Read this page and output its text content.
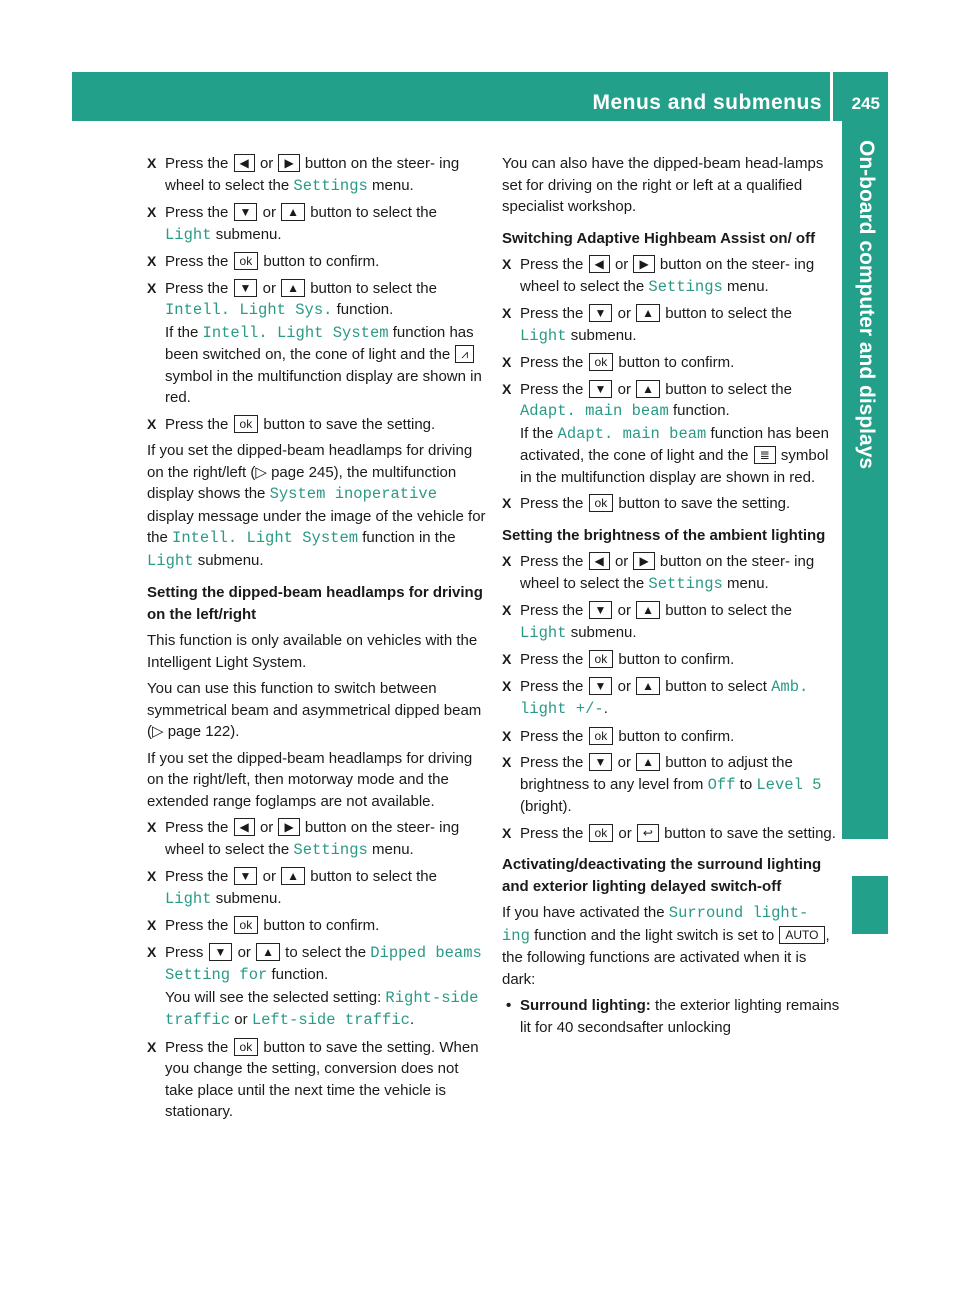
Menus and submenus 245
On-board computer and displays
X Press the ◀ or ▶ button on the steer- ing wheel to select the Settings menu.
X Press the ▼ or ▲ button to select the Light submenu.
X Press the ok button to confirm.
X Press the ▼ or ▲ button to select the Intell. Light Sys. function.
If the Intell. Light System function has been switched on, the cone of light and the ⩘ symbol in the multifunction display are shown in red.
X Press the ok button to save the setting.
If you set the dipped-beam headlamps for driving on the right/left (▷ page 245), the multifunction display shows the System inoperative display message under the image of the vehicle for the Intell. Light System function in the Light submenu.
Setting the dipped-beam headlamps for driving on the left/right
This function is only available on vehicles with the Intelligent Light System.
You can use this function to switch between symmetrical beam and asymmetrical dipped beam (▷ page 122).
If you set the dipped-beam headlamps for driving on the right/left, then motorway mode and the extended range foglamps are not available.
X Press the ◀ or ▶ button on the steer- ing wheel to select the Settings menu.
X Press the ▼ or ▲ button to select the Light submenu.
X Press the ok button to confirm.
X Press ▼ or ▲ to select the Dipped beams Setting for function.
You will see the selected setting: Right-side traffic or Left-side traffic.
X Press the ok button to save the setting. When you change the setting, conversion does not take place until the next time the vehicle is stationary.
You can also have the dipped-beam head-lamps set for driving on the right or left at a qualified specialist workshop.
Switching Adaptive Highbeam Assist on/ off
X Press the ◀ or ▶ button on the steer- ing wheel to select the Settings menu.
X Press the ▼ or ▲ button to select the Light submenu.
X Press the ok button to confirm.
X Press the ▼ or ▲ button to select the Adapt. main beam function.
If the Adapt. main beam function has been activated, the cone of light and the ≣ symbol in the multifunction display are shown in red.
X Press the ok button to save the setting.
Setting the brightness of the ambient lighting
X Press the ◀ or ▶ button on the steer- ing wheel to select the Settings menu.
X Press the ▼ or ▲ button to select the Light submenu.
X Press the ok button to confirm.
X Press the ▼ or ▲ button to select Amb. light +/-.
X Press the ok button to confirm.
X Press the ▼ or ▲ button to adjust the brightness to any level from Off to Level 5 (bright).
X Press the ok or ↩ button to save the setting.
Activating/deactivating the surround lighting and exterior lighting delayed switch-off
If you have activated the Surround light‐ ing function and the light switch is set to AUTO , the following functions are activated when it is dark:
• Surround lighting: the exterior lighting remains lit for 40 secondsafter unlocking
